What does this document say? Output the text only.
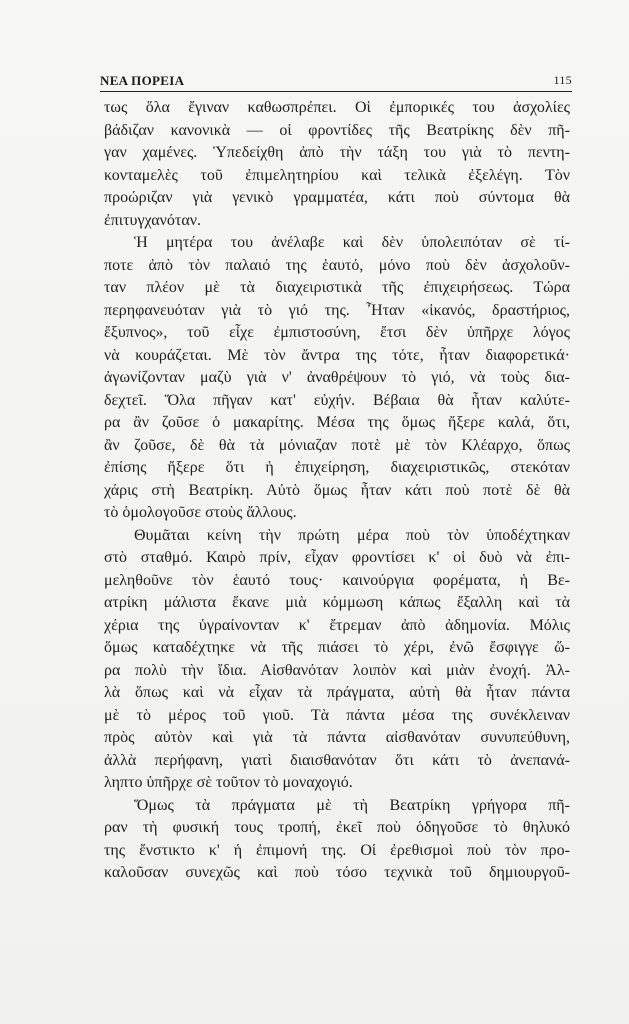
ΝΕΑ ΠΟΡΕΙΑ	115
τως ὅλα ἔγιναν καθωσπρέπει. Οἱ ἐμπορικές του ἀσχολίες
βάδιζαν κανονικὰ — οἱ φροντίδες τῆς Βεατρίκης δὲν πῆ-
γαν χαμένες. Ὑπεδείχθη ἀπὸ τὴν τάξη του γιὰ τὸ πεντη-
κονταμελὲς τοῦ ἐπιμελητηρίου καὶ τελικὰ ἐξελέγη. Τὸν
προώριζαν γιὰ γενικὸ γραμματέα, κάτι ποὺ σύντομα θὰ
ἐπιτυγχανόταν.
Ἡ μητέρα του ἀνέλαβε καὶ δὲν ὑπολειπόταν σὲ τί-
ποτε ἀπὸ τὸν παλαιό της ἑαυτό, μόνο ποὺ δὲν ἀσχολοῦν-
ταν πλέον μὲ τὰ διαχειριστικὰ τῆς ἐπιχειρήσεως. Τώρα
περηφανευόταν γιὰ τὸ γιό της. Ἦταν «ἱκανός, δραστήριος,
ἔξυπνος», τοῦ εἶχε ἐμπιστοσύνη, ἔτσι δὲν ὑπῆρχε λόγος
νὰ κουράζεται. Μὲ τὸν ἄντρα της τότε, ἦταν διαφορετικά·
ἀγωνίζονταν μαζὺ γιὰ ν' ἀναθρέψουν τὸ γιό, νὰ τοὺς δια-
δεχτεῖ. Ὅλα πῆγαν κατ' εὐχήν. Βέβαια θὰ ἦταν καλύτε-
ρα ἂν ζοῦσε ὁ μακαρίτης. Μέσα της ὅμως ἤξερε καλά, ὅτι,
ἂν ζοῦσε, δὲ θὰ τὰ μόνιαζαν ποτὲ μὲ τὸν Κλέαρχο, ὅπως
ἐπίσης ἤξερε ὅτι ἡ ἐπιχείρηση, διαχειριστικῶς, στεκόταν
χάρις στὴ Βεατρίκη. Αὐτὸ ὅμως ἦταν κάτι ποὺ ποτὲ δὲ θὰ
τὸ ὁμολογοῦσε στοὺς ἄλλους.
Θυμᾶται κείνη τὴν πρώτη μέρα ποὺ τὸν ὑποδέχτηκαν
στὸ σταθμό. Καιρὸ πρίν, εἶχαν φροντίσει κ' οἱ δυὸ νὰ ἐπι-
μεληθοῦνε τὸν ἑαυτό τους· καινούργια φορέματα, ἡ Βε-
ατρίκη μάλιστα ἔκανε μιὰ κόμμωση κάπως ἔξαλλη καὶ τὰ
χέρια της ὑγραίνονταν κ' ἔτρεμαν ἀπὸ ἀδημονία. Μόλις
ὅμως καταδέχτηκε νὰ τῆς πιάσει τὸ χέρι, ἐνῶ ἔσφιγγε ὥ-
ρα πολὺ τὴν ἴδια. Αἰσθανόταν λοιπὸν καὶ μιὰν ἐνοχή. Ἀλ-
λὰ ὅπως καὶ νὰ εἶχαν τὰ πράγματα, αὐτὴ θὰ ἦταν πάντα
μὲ τὸ μέρος τοῦ γιοῦ. Τὰ πάντα μέσα της συνέκλειναν
πρὸς αὐτὸν καὶ γιὰ τὰ πάντα αἰσθανόταν συνυπεύθυνη,
ἀλλὰ περήφανη, γιατὶ διαισθανόταν ὅτι κάτι τὸ ἀνεπανά-
ληπτο ὑπῆρχε σὲ τοῦτον τὸ μοναχογιό.
Ὅμως τὰ πράγματα μὲ τὴ Βεατρίκη γρήγορα πῆ-
ραν τὴ φυσική τους τροπή, ἐκεῖ ποὺ ὁδηγοῦσε τὸ θηλυκό
της ἔνστικτο κ' ἡ ἐπιμονή της. Οἱ ἐρεθισμοὶ ποὺ τὸν προ-
καλοῦσαν συνεχῶς καὶ ποὺ τόσο τεχνικὰ τοῦ δημιουργοῦ-
